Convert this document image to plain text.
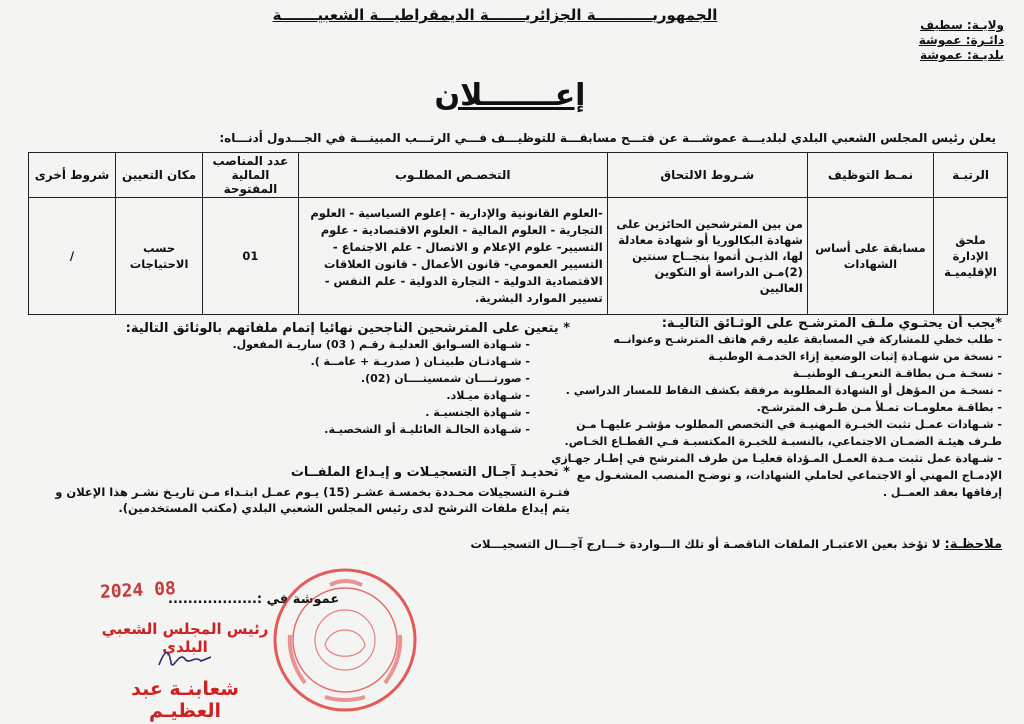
الجمهوريـــــــــــة الجزائريـــــــة الديمقراطيـــة الشعبيـــــــة
ولايـة: سطيف
دائـرة: عموشة
بلديـة: عموشة
إعـــــــلان
يعلن رئيس المجلس الشعبي البلدي لبلديـــة عموشـــة عن فتـــح مسابقـــة للتوظيـــف فـــي الرتـــب المبينـــة في الجـــدول أدنـــاه:
الرتبـة	نمـط التوظيف	شـروط الالتحاق	التخصـص المطلـوب	عدد المناصب المالية المفتوحة	مكان التعيين	شروط أخرى
ملحق الإدارة الإقليميـة	مسابقة على أساس الشهادات	من بين المترشحين الحائزين على شهادة البكالوريا أو شهادة معادلة لها، الذيـن أتموا بنجــاح سنتين (2)مـن الدراسة أو التكوين العاليين	-العلوم القانونية والإدارية - إعلوم السياسية - العلوم التجارية - العلوم المالية - العلوم الاقتصادية - علوم التسيير- علوم الإعلام و الاتصال - علم الاجتماع - التسيير العمومي- قانون الأعمال - قانون العلاقات الاقتصادية الدولية - التجارة الدولية - علم النفس - تسيير الموارد البشرية.	01	حسب الاحتياجات	/
*يجب أن يحتـوي ملـف المترشـح على الوثـائق التاليـة:
- طلب خطي للمشاركة في المسابقة عليه رقم هاتف المترشـح وعنوانــه
- نسخة من شهـادة إثبات الوضعية إزاء الخدمـة الوطنيـة
- نسخـة مـن بطاقـة التعريـف الوطنيــة
- نسخـة من المؤهل أو الشهادة المطلوبة مرفقة بكشف النقاط للمسار الدراسي .
- بطاقـة معلومـات تمـلأ مـن طـرف المترشـح.
- شـهادات عمـل تثبت الخبـرة المهنيـة في التخصص المطلوب مؤشـر عليهـا مـن
طـرف هيئـة الضمـان الاجتماعي، بالنسبـة للخبـرة المكتسبـة فـي القطـاع الخـاص.
- شـهادة عمل تثبت مـدة العمـل المـؤداة فعليـا من طرف المترشح في إطـار جهـازي
الإدمـاج المهني أو الاجتماعي لحاملي الشهادات، و توضـح المنصب المشغـول مع
إرفاقها بعقد العمــل .
* يتعين على المترشحين الناجحين نهائيا إتمام ملفاتهم بالوثائق التالية:
- شـهادة السـوابق العدليـة رقـم ( 03) ساريـة المفعول.
- شـهادتـان طبيتـان ( صدريـة + عامــة ).
- صورتــــان شمسيتــــان (02).
- شـهادة ميـلاد.
- شـهادة الجنسيـة .
- شـهادة الحالـة العائليـة أو الشخصيـة.
* تحديـد آجـال التسجيـلات و إيـداع الملفــات

فتـرة التسجيلات محـددة بخمسـة عشـر (15) يـوم عمـل ابتـداء مـن تاريـخ نشـر هذا الإعلان و يتم إيداع ملفات الترشح لدى رئيس المجلس الشعبي البلدي (مكتب المستخدمين).

ملاحظـة: لا تؤخذ بعين الاعتبـار الملفات الناقصـة أو تلك الـــواردة خـــارج آجـــال التسجيـــلات
2024 08
عموشة في :..................
رئيس المجلس الشعبي البلدي
شعابنـة عبد العظيـم
